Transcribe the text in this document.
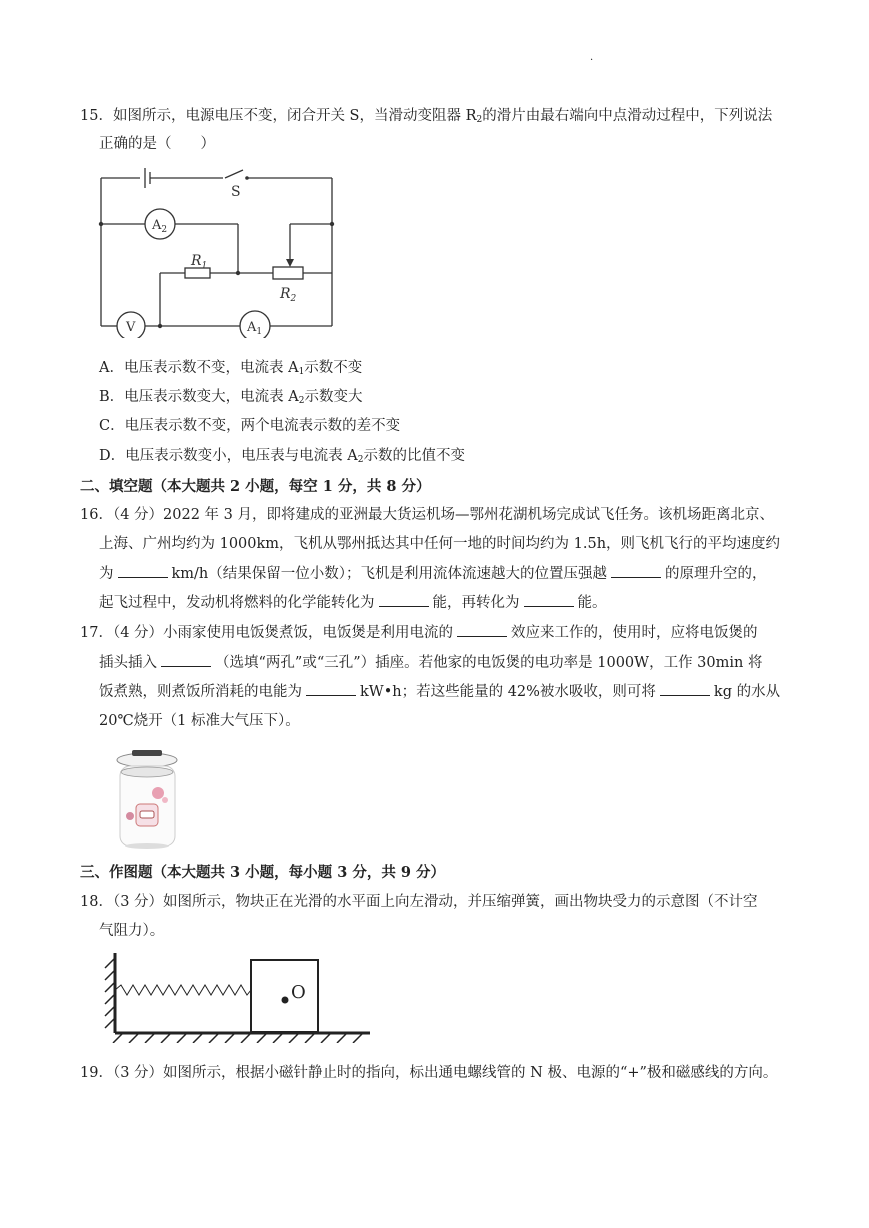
.
15．如图所示，电源电压不变，闭合开关 S，当滑动变阻器 $R_2$的滑片由最右端向中点滑动过程中，下列说法
正确的是（　　）
S
$A_2$
$R_1$
$R_2$
V	$A_1$
A．电压表示数不变，电流表 $A_1$示数不变
B．电压表示数变大，电流表 $A_2$示数变大
C．电压表示数不变，两个电流表示数的差不变
D．电压表示数变小，电压表与电流表 $A_2$示数的比值不变
二、填空题（本大题共 2 小题，每空 1 分，共 8 分）
16．（4 分）2022 年 3 月，即将建成的亚洲最大货运机场—鄂州花湖机场完成试飞任务。该机场距离北京、
上海、广州均约为 1000km，飞机从鄂州抵达其中任何一地的时间均约为 1.5h，则飞机飞行的平均速度约
为	km/h（结果保留一位小数）；飞机是利用流体流速越大的位置压强越	的原理升空的，
起飞过程中，发动机将燃料的化学能转化为	能，再转化为	能。
17．（4 分）小雨家使用电饭煲煮饭，电饭煲是利用电流的	效应来工作的，使用时，应将电饭煲的
插头插入	（选填“两孔”或“三孔”）插座。若他家的电饭煲的电功率是 1000W，工作 30min 将
饭煮熟，则煮饭所消耗的电能为	kW•h；若这些能量的 42%被水吸收，则可将	kg 的水从
20℃烧开（1 标准大气压下）。
三、作图题（本大题共 3 小题，每小题 3 分，共 9 分）
18．（3 分）如图所示，物块正在光滑的水平面上向左滑动，并压缩弹簧，画出物块受力的示意图（不计空
气阻力）。
O
19．（3 分）如图所示，根据小磁针静止时的指向，标出通电螺线管的 N 极、电源的“+”极和磁感线的方向。
